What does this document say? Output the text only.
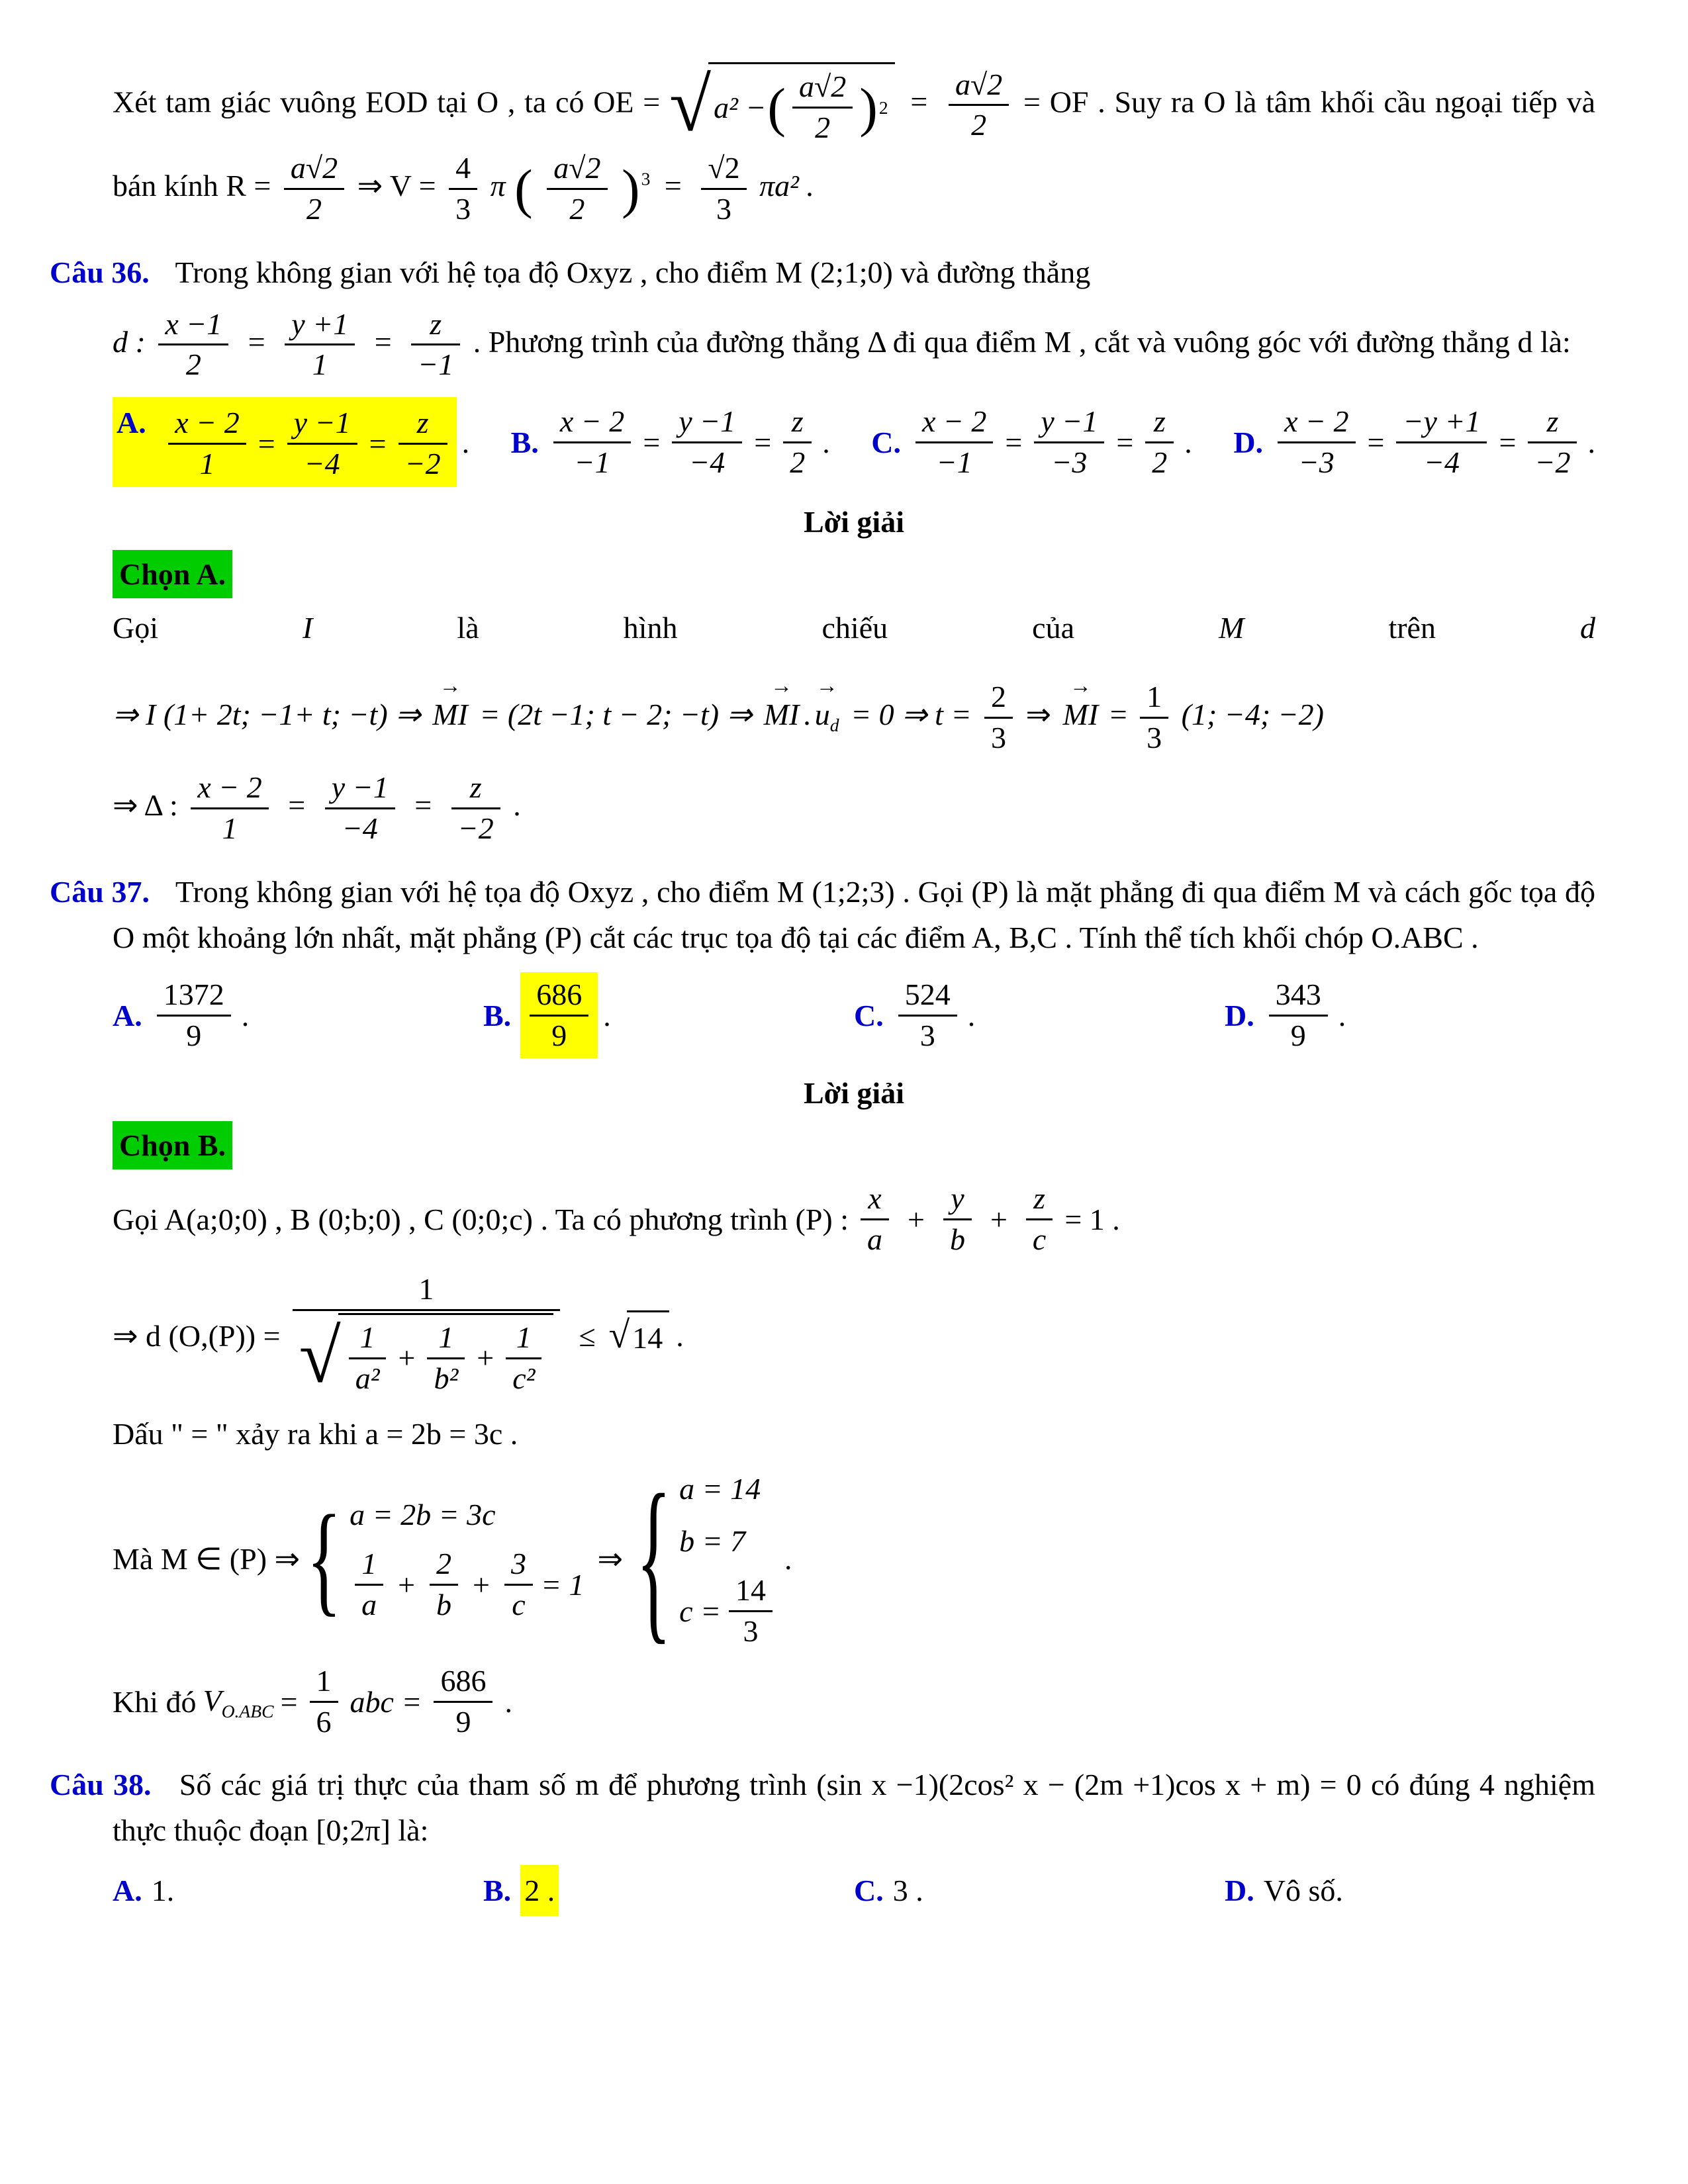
Xét tam giác vuông EOD tại O , ta có OE = √ a² − ( $\frac{a√2}{2}$ ) $2 = \frac{a√2}{2}$ = OF . Suy ra O là tâm khối cầu ngoại tiếp và bán kính $R = \frac{a√2}{2}$ ⇒ $V = \frac{4}{3}$ π ( $\frac{a√2}{2} )^3 = \frac{√2}{3} \pi a^2$ .
Câu 36. Trong không gian với hệ tọa độ Oxyz , cho điểm M (2;1;0) và đường thẳng
d : $\frac{x -1}{2} = \frac{y +1}{1} = \frac{z}{-1}$ . Phương trình của đường thẳng Δ đi qua điểm M , cắt và vuông góc với đường thẳng d là:
A. $\frac{x - 2}{1} = \frac{y -1}{-4} = \frac{z}{-2}$ . B. $\frac{x - 2}{-1} = \frac{y -1}{-4} = \frac{z}{2}$ . C. $\frac{x - 2}{-1} = \frac{y -1}{-3} = \frac{z}{2}$ . D. $\frac{x - 2}{-3} = \frac{-y +1}{-4} = \frac{z}{-2}$ .
Lời giải
Chọn A.
Gọi	I	là	hình	chiếu	của	M	trên	d
⇒ I (1+ 2t; −1+ t; −t) ⇒
→
MI = (2t −1; t − 2; −t) ⇒
→
MI .
→
$u_d = 0$ ⇒ $t = \frac{2}{3}$ ⇒
→
MI = $\frac{1}{3} (1$; −4; −2)
⇒ Δ : $\frac{x - 2}{1} = \frac{y -1}{-4} = \frac{z}{-2}$ .
Câu 37. Trong không gian với hệ tọa độ Oxyz , cho điểm M (1;2;3) . Gọi (P) là mặt phẳng đi qua điểm M và cách gốc tọa độ O một khoảng lớn nhất, mặt phẳng (P) cắt các trục tọa độ tại các điểm A, B,C . Tính thể tích khối chóp O.ABC .
A. $\frac{1372}{9}$ .	B. $\frac{686}{9}$ .	C. $\frac{524}{3}$ .	D. $\frac{343}{9}$ .
Lời giải
Chọn B.
Gọi A(a;0;0) , B (0;b;0) , C (0;0;c) . Ta có phương trình (P) : $\frac{x}{a} + \frac{y}{b} + \frac{z}{c} = 1$ .
⇒ d (O,(P)) =
1
√ $\frac{1}{\text{a²}} + \frac{1}{\text{b²}} + \frac{1}{\text{c²}}$ ≤ √ 14 .
Dấu " = " xảy ra khi a = 2b = 3c .
Mà M ∈ (P) ⇒ { a = 2b = 3c
$\frac{1}{a} + \frac{2}{b} + \frac{3}{c} = 1$
⇒ { a = 14
b = 7
$c = \frac{14}{3}$
.
Khi đó $V_{O.ABC} = \frac{1}{6}$ abc = $\frac{686}{9}$ .
Câu 38. Số các giá trị thực của tham số m để phương trình (sin x −1)(2cos² x − (2m +1)cos x + m) = 0 có đúng 4 nghiệm thực thuộc đoạn [0;2π] là:
A. 1.	B. 2 .	C. 3 .	D. Vô số.
